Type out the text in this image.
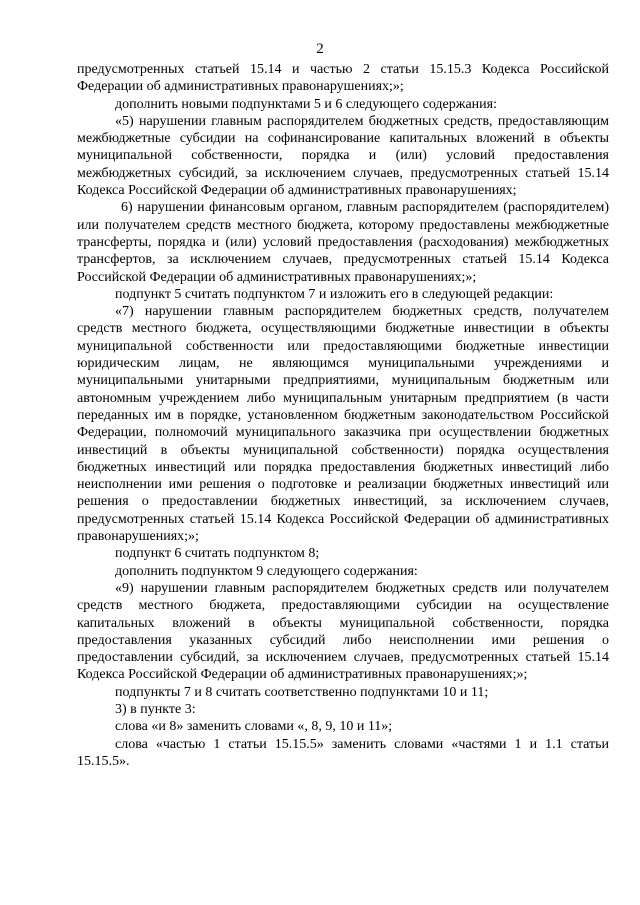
2

предусмотренных статьей 15.14 и частью 2 статьи 15.15.3 Кодекса Российской Федерации об административных правонарушениях;»;

дополнить новыми подпунктами 5 и 6 следующего содержания:

«5) нарушении главным распорядителем бюджетных средств, предоставляющим межбюджетные субсидии на софинансирование капитальных вложений в объекты муниципальной собственности, порядка и (или) условий предоставления межбюджетных субсидий, за исключением случаев, предусмотренных статьей 15.14 Кодекса Российской Федерации об административных правонарушениях;

6) нарушении финансовым органом, главным распорядителем (распорядителем) или получателем средств местного бюджета, которому предоставлены межбюджетные трансферты, порядка и (или) условий предоставления (расходования) межбюджетных трансфертов, за исключением случаев, предусмотренных статьей 15.14 Кодекса Российской Федерации об административных правонарушениях;»;

подпункт 5 считать подпунктом 7 и изложить его в следующей редакции:

«7) нарушении главным распорядителем бюджетных средств, получателем средств местного бюджета, осуществляющими бюджетные инвестиции в объекты муниципальной собственности или предоставляющими бюджетные инвестиции юридическим лицам, не являющимся муниципальными учреждениями и муниципальными унитарными предприятиями, муниципальным бюджетным или автономным учреждением либо муниципальным унитарным предприятием (в части переданных им в порядке, установленном бюджетным законодательством Российской Федерации, полномочий муниципального заказчика при осуществлении бюджетных инвестиций в объекты муниципальной собственности) порядка осуществления бюджетных инвестиций или порядка предоставления бюджетных инвестиций либо неисполнении ими решения о подготовке и реализации бюджетных инвестиций или решения о предоставлении бюджетных инвестиций, за исключением случаев, предусмотренных статьей 15.14 Кодекса Российской Федерации об административных правонарушениях;»;

подпункт 6 считать подпунктом 8;

дополнить подпунктом 9 следующего содержания:

«9) нарушении главным распорядителем бюджетных средств или получателем средств местного бюджета, предоставляющими субсидии на осуществление капитальных вложений в объекты муниципальной собственности, порядка предоставления указанных субсидий либо неисполнении ими решения о предоставлении субсидий, за исключением случаев, предусмотренных статьей 15.14 Кодекса Российской Федерации об административных правонарушениях;»;

подпункты 7 и 8 считать соответственно подпунктами 10 и 11;

3) в пункте 3:

слова «и 8» заменить словами «, 8, 9, 10 и 11»;

слова «частью 1 статьи 15.15.5» заменить словами «частями 1 и 1.1 статьи 15.15.5».
